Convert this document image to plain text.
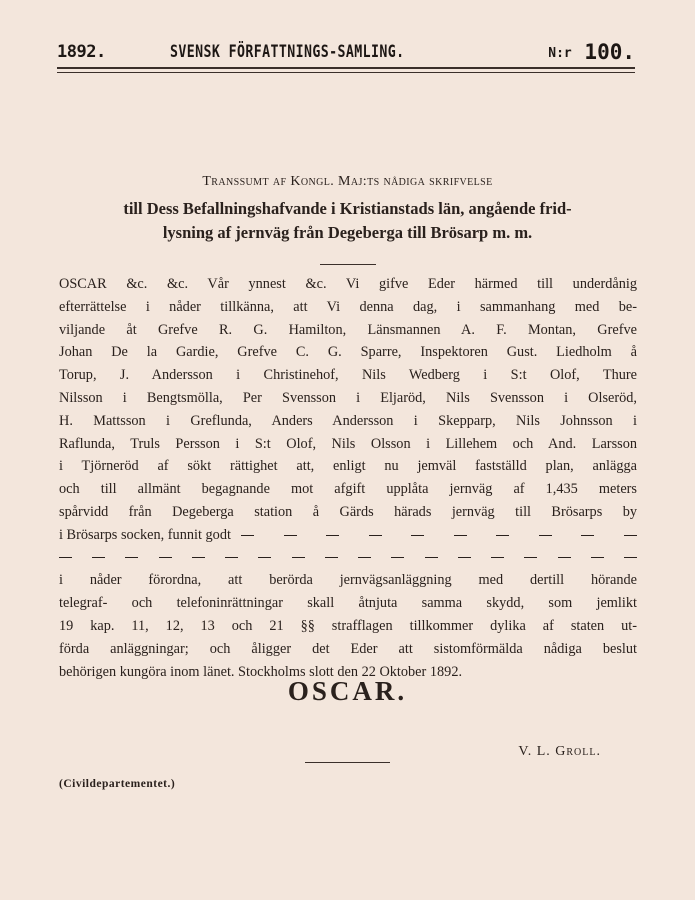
1892.	SVENSK FÖRFATTNINGS-SAMLING.	$^{N:r}$ 100.
Transsumt af Kongl. Maj:ts nådiga skrifvelse
till Dess Befallningshafvande i Kristianstads län, angående frid-
lysning af jernväg från Degeberga till Brösarp m. m.
OSCAR &c. &c. Vår ynnest &c. Vi gifve Eder härmed till underdånig
efterrättelse i nåder tillkänna, att Vi denna dag, i sammanhang med be-
viljande åt Grefve R. G. Hamilton, Länsmannen A. F. Montan, Grefve
Johan De la Gardie, Grefve C. G. Sparre, Inspektoren Gust. Liedholm å
Torup, J. Andersson i Christinehof, Nils Wedberg i S:t Olof, Thure
Nilsson i Bengtsmölla, Per Svensson i Eljaröd, Nils Svensson i Olseröd,
H. Mattsson i Greflunda, Anders Andersson i Skepparp, Nils Johnsson i
Raflunda, Truls Persson i S:t Olof, Nils Olsson i Lillehem och And. Larsson
i Tjörneröd af sökt rättighet att, enligt nu jemväl fastställd plan, anlägga
och till allmänt begagnande mot afgift upplåta jernväg af 1,435 meters
spårvidd från Degeberga station å Gärds härads jernväg till Brösarps by
i Brösarps socken, funnit godt
i nåder förordna, att berörda jernvägsanläggning med dertill hörande
telegraf- och telefoninrättningar skall åtnjuta samma skydd, som jemlikt
19 kap. 11, 12, 13 och 21 §§ strafflagen tillkommer dylika af staten ut-
förda anläggningar; och åligger det Eder att sistomförmälda nådiga beslut
behörigen kungöra inom länet. Stockholms slott den 22 Oktober 1892.
OSCAR.
V. L. Groll.
(Civildepartementet.)
